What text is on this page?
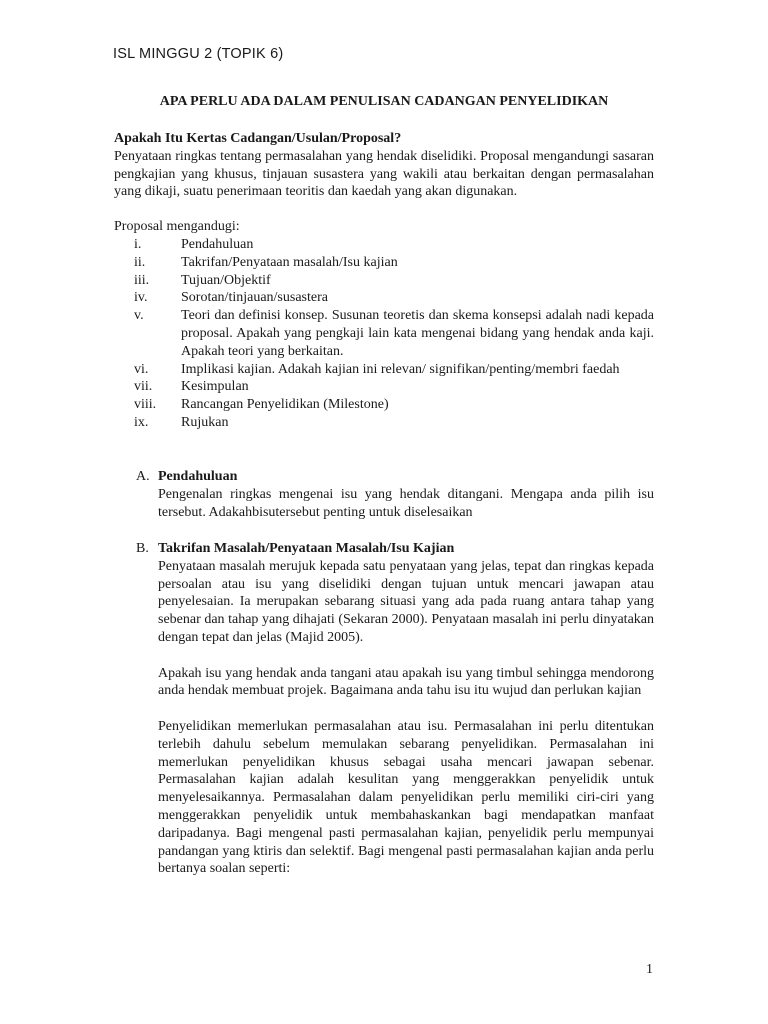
ISL MINGGU 2 (TOPIK 6)
APA PERLU ADA DALAM PENULISAN CADANGAN PENYELIDIKAN
Apakah Itu Kertas Cadangan/Usulan/Proposal?
Penyataan ringkas tentang permasalahan yang hendak diselidiki. Proposal mengandungi sasaran pengkajian yang khusus, tinjauan susastera yang wakili atau berkaitan dengan permasalahan yang dikaji, suatu penerimaan teoritis dan kaedah yang akan digunakan.
Proposal mengandugi:
i.	Pendahuluan
ii.	Takrifan/Penyataan masalah/Isu kajian
iii.	Tujuan/Objektif
iv.	Sorotan/tinjauan/susastera
v.	Teori dan definisi konsep. Susunan teoretis dan skema konsepsi adalah nadi kepada proposal. Apakah yang pengkaji lain kata mengenai bidang yang hendak anda kaji. Apakah teori yang berkaitan.
vi.	Implikasi kajian. Adakah kajian ini relevan/ signifikan/penting/membri faedah
vii.	Kesimpulan
viii.	Rancangan Penyelidikan (Milestone)
ix.	Rujukan
A. Pendahuluan

Pengenalan ringkas mengenai isu yang hendak ditangani. Mengapa anda pilih isu tersebut. Adakahbisutersebut penting untuk diselesaikan

B. Takrifan Masalah/Penyataan Masalah/Isu Kajian

Penyataan masalah merujuk kepada satu penyataan yang jelas, tepat dan ringkas kepada persoalan atau isu yang diselidiki dengan tujuan untuk mencari jawapan atau penyelesaian. Ia merupakan sebarang situasi yang ada pada ruang antara tahap yang sebenar dan tahap yang dihajati (Sekaran 2000). Penyataan masalah ini perlu dinyatakan dengan tepat dan jelas (Majid 2005).

Apakah isu yang hendak anda tangani atau apakah isu yang timbul sehingga mendorong anda hendak membuat projek. Bagaimana anda tahu isu itu wujud dan perlukan kajian

Penyelidikan memerlukan permasalahan atau isu. Permasalahan ini perlu ditentukan terlebih dahulu sebelum memulakan sebarang penyelidikan. Permasalahan ini memerlukan penyelidikan khusus sebagai usaha mencari jawapan sebenar. Permasalahan kajian adalah kesulitan yang menggerakkan penyelidik untuk menyelesaikannya. Permasalahan dalam penyelidikan perlu memiliki ciri-ciri yang menggerakkan penyelidik untuk membahaskankan bagi mendapatkan manfaat daripadanya. Bagi mengenal pasti permasalahan kajian, penyelidik perlu mempunyai pandangan yang ktiris dan selektif. Bagi mengenal pasti permasalahan kajian anda perlu bertanya soalan seperti:

1
